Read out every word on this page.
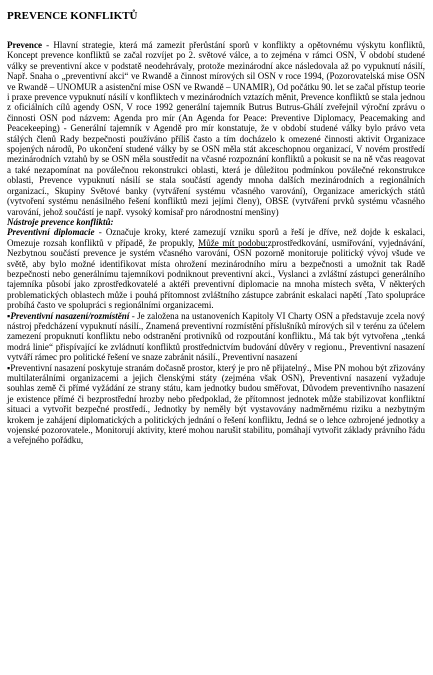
PREVENCE KONFLIKTŮ

Prevence - Hlavní strategie, která má zamezit přerůstání sporů v konflikty a opětovnému výskytu konfliktů, Koncept prevence konfliktů se začal rozvíjet po 2. světové válce, a to zejména v rámci OSN, V období studené války se preventivní akce v podstatě neodehrávaly, protože mezinárodní akce následovala až po vypuknutí násilí, Např. Snaha o „preventivní akci“ ve Rwandě a činnost mírových sil OSN v roce 1994, (Pozorovatelská mise OSN ve Rwandě – UNOMUR a asistenční mise OSN ve Rwandě – UNAMIR), Od počátku 90. let se začal přístup teorie i praxe prevence vypuknutí násilí v konfliktech v mezinárodních vztazích měnit, Prevence konfliktů se stala jednou z oficiálních cílů agendy OSN, V roce 1992 generální tajemník Butrus Butrus-Ghálí zveřejnil výroční zprávu o činnosti OSN pod názvem: Agenda pro mír (An Agenda for Peace: Preventive Diplomacy, Peacemaking and Peacekeeping) - Generální tajemník v Agendě pro mír konstatuje, že v období studené války bylo právo veta stálých členů Rady bezpečnosti používáno příliš často a tím docházelo k omezené činnosti aktivit Organizace spojených národů, Po ukončení studené války by se OSN měla stát akceschopnou organizací, V novém prostředí mezinárodních vztahů by se OSN měla soustředit na včasné rozpoznání konfliktů a pokusit se na ně včas reagovat a také nezapomínat na poválečnou rekonstrukci oblasti, která je důležitou podmínkou poválečné rekonstrukce oblasti, Prevence vypuknutí násilí se stala součástí agendy mnoha dalších mezinárodních a regionálních organizací., Skupiny Světové banky (vytváření systému včasného varování), Organizace amerických států (vytvoření systému nenásilného řešení konfliktů mezi jejími členy), OBSE (vytváření prvků systému včasného varování, jehož součástí je např. vysoký komisař pro národnostní menšiny)

Nástroje prevence konfliktů:

Preventivní diplomacie - Označuje kroky, které zamezují vzniku sporů a řeší je dříve, než dojde k eskalaci, Omezuje rozsah konfliktů v případě, že propukly, Může mít podobu:zprostředkování, usmiřování, vyjednávání, Nezbytnou součástí prevence je systém včasného varování, OSN pozorně monitoruje politický vývoj všude ve světě, aby bylo možné identifikovat místa ohrožení mezinárodního míru a bezpečnosti a umožnit tak Radě bezpečnosti nebo generálnímu tajemníkovi podniknout preventivní akci., Vyslanci a zvláštní zástupci generálního tajemníka působí jako zprostředkovatelé a aktéři preventivní diplomacie na mnoha místech světa, V některých problematických oblastech může i pouhá přítomnost zvláštního zástupce zabránit eskalaci napětí ,Tato spolupráce probíhá často ve spolupráci s regionálními organizacemi.

▪Preventivní nasazení/rozmístění - Je založena na ustanoveních Kapitoly VI Charty OSN a představuje zcela nový nástroj předcházení vypuknutí násilí., Znamená preventivní rozmístění příslušníků mírových sil v terénu za účelem zamezení propuknutí konfliktu nebo odstranění protivníků od rozpoutání konfliktu., Má tak být vytvořena „tenká modrá linie“ přispívající ke zvládnutí konfliktů prostřednictvím budování důvěry v regionu., Preventivní nasazení vytváří rámec pro politické řešení ve snaze zabránit násilí., Preventivní nasazení

▪Preventivní nasazení poskytuje stranám dočasně prostor, který je pro ně přijatelný., Mise PN mohou být zřizovány multilaterálními organizacemi a jejich členskými státy (zejména však OSN), Preventivní nasazení vyžaduje souhlas země či přímé vyžádání ze strany státu, kam jednotky budou směřovat, Důvodem preventivního nasazení je existence přímé či bezprostřední hrozby nebo předpoklad, že přítomnost jednotek může stabilizovat konfliktní situaci a vytvořit bezpečné prostředí., Jednotky by neměly být vystavovány nadměrnému riziku a nezbytným krokem je zahájení diplomatických a politických jednání o řešení konfliktu, Jedná se o lehce ozbrojené jednotky a vojenské pozorovatele., Monitorují aktivity, které mohou narušit stabilitu, pomáhají vytvořit základy právního řádu a veřejného pořádku,
